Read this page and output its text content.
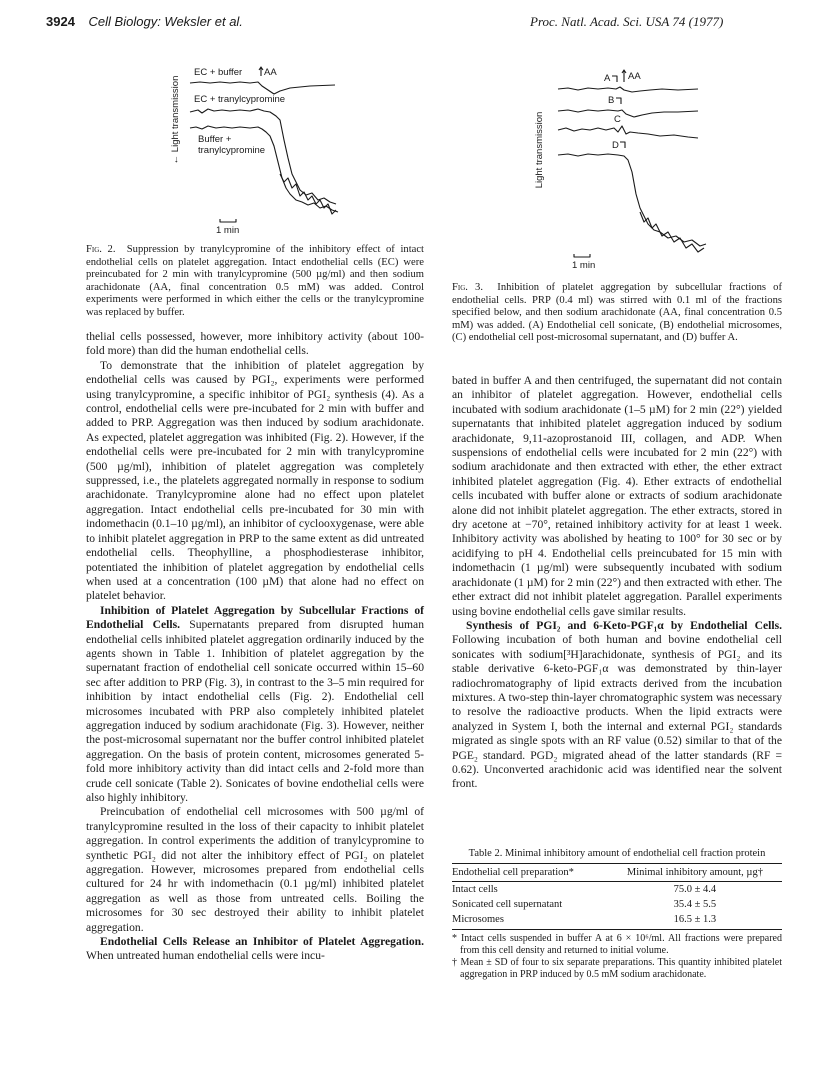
3924 Cell Biology: Weksler et al.	Proc. Natl. Acad. Sci. USA 74 (1977)
← Light transmission
EC + buffer AA
EC + tranylcypromine
Buffer +
tranylcypromine
1 min
Light transmission
A AA
B
C
D
1 min
Fig. 2. Suppression by tranylcypromine of the inhibitory effect of intact endothelial cells on platelet aggregation. Intact endothelial cells (EC) were preincubated for 2 min with tranylcypromine (500 µg/ml) and then sodium arachidonate (AA, final concentration 0.5 mM) was added. Control experiments were performed in which either the cells or the tranylcypromine was replaced by buffer.
Fig. 3. Inhibition of platelet aggregation by subcellular fractions of endothelial cells. PRP (0.4 ml) was stirred with 0.1 ml of the fractions specified below, and then sodium arachidonate (AA, final concentration 0.5 mM) was added. (A) Endothelial cell sonicate, (B) endothelial microsomes, (C) endothelial cell post-microsomal supernatant, and (D) buffer A.

thelial cells possessed, however, more inhibitory activity (about 100-fold more) than did the human endothelial cells.

To demonstrate that the inhibition of platelet aggregation by endothelial cells was caused by PGI₂, experiments were performed using tranylcypromine, a specific inhibitor of PGI₂ synthesis (4). As a control, endothelial cells were pre-incubated for 2 min with buffer and added to PRP. Aggregation was then induced by sodium arachidonate. As expected, platelet aggregation was inhibited (Fig. 2). However, if the endothelial cells were pre-incubated for 2 min with tranylcypromine (500 µg/ml), inhibition of platelet aggregation was completely suppressed, i.e., the platelets aggregated normally in response to sodium arachidonate. Tranylcypromine alone had no effect upon platelet aggregation. Intact endothelial cells pre-incubated for 30 min with indomethacin (0.1–10 µg/ml), an inhibitor of cyclooxygenase, were able to inhibit platelet aggregation in PRP to the same extent as did untreated endothelial cells. Theophylline, a phosphodiesterase inhibitor, potentiated the inhibition of platelet aggregation by endothelial cells when used at a concentration (100 µM) that alone had no effect on platelet behavior.

Inhibition of Platelet Aggregation by Subcellular Fractions of Endothelial Cells. Supernatants prepared from disrupted human endothelial cells inhibited platelet aggregation ordinarily induced by the agents shown in Table 1. Inhibition of platelet aggregation by the supernatant fraction of endothelial cell sonicate occurred within 15–60 sec after addition to PRP (Fig. 3), in contrast to the 3–5 min required for inhibition by intact endothelial cells (Fig. 2). Endothelial cell microsomes incubated with PRP also completely inhibited platelet aggregation induced by sodium arachidonate (Fig. 3). However, neither the post-microsomal supernatant nor the buffer control inhibited platelet aggregation. On the basis of protein content, microsomes generated 5-fold more inhibitory activity than did intact cells and 2-fold more than crude cell sonicate (Table 2). Sonicates of bovine endothelial cells were also highly inhibitory.

Preincubation of endothelial cell microsomes with 500 µg/ml of tranylcypromine resulted in the loss of their capacity to inhibit platelet aggregation. In control experiments the addition of tranylcypromine to synthetic PGI₂ did not alter the inhibitory effect of PGI₂ on platelet aggregation. However, microsomes prepared from endothelial cells cultured for 24 hr with indomethacin (0.1 µg/ml) inhibited platelet aggregation as well as those from untreated cells. Boiling the microsomes for 30 sec destroyed their ability to inhibit platelet aggregation.

Endothelial Cells Release an Inhibitor of Platelet Aggregation. When untreated human endothelial cells were incu-

bated in buffer A and then centrifuged, the supernatant did not contain an inhibitor of platelet aggregation. However, endothelial cells incubated with sodium arachidonate (1–5 µM) for 2 min (22°) yielded supernatants that inhibited platelet aggregation induced by sodium arachidonate, 9,11-azoprostanoid III, collagen, and ADP. When suspensions of endothelial cells were incubated for 2 min (22°) with sodium arachidonate and then extracted with ether, the ether extract inhibited platelet aggregation (Fig. 4). Ether extracts of endothelial cells incubated with buffer alone or extracts of sodium arachidonate alone did not inhibit platelet aggregation. The ether extracts, stored in dry acetone at −70°, retained inhibitory activity for at least 1 week. Inhibitory activity was abolished by heating to 100° for 30 sec or by acidifying to pH 4. Endothelial cells preincubated for 15 min with indomethacin (1 µg/ml) were subsequently incubated with sodium arachidonate (1 µM) for 2 min (22°) and then extracted with ether. The ether extract did not inhibit platelet aggregation. Parallel experiments using bovine endothelial cells gave similar results.

Synthesis of PGI₂ and 6-Keto-PGF₁α by Endothelial Cells. Following incubation of both human and bovine endothelial cell sonicates with sodium[³H]arachidonate, synthesis of PGI₂ and its stable derivative 6-keto-PGF₁α was demonstrated by thin-layer radiochromatography of lipid extracts derived from the incubation mixtures. A two-step thin-layer chromatographic system was necessary to resolve the radioactive products. When the lipid extracts were analyzed in System I, both the internal and external PGI₂ standards migrated as single spots with an RF value (0.52) similar to that of the PGE₂ standard. PGD₂ migrated ahead of the latter standards (RF = 0.62). Unconverted arachidonic acid was identified near the solvent front.

Table 2. Minimal inhibitory amount of endothelial cell fraction protein
Endothelial cell preparation*	Minimal inhibitory amount, µg†
Intact cells	75.0 ± 4.4
Sonicated cell supernatant	35.4 ± 5.5
Microsomes	16.5 ± 1.3

* Intact cells suspended in buffer A at 6 × 10⁶/ml. All fractions were prepared from this cell density and returned to initial volume.

† Mean ± SD of four to six separate preparations. This quantity inhibited platelet aggregation in PRP induced by 0.5 mM sodium arachidonate.
